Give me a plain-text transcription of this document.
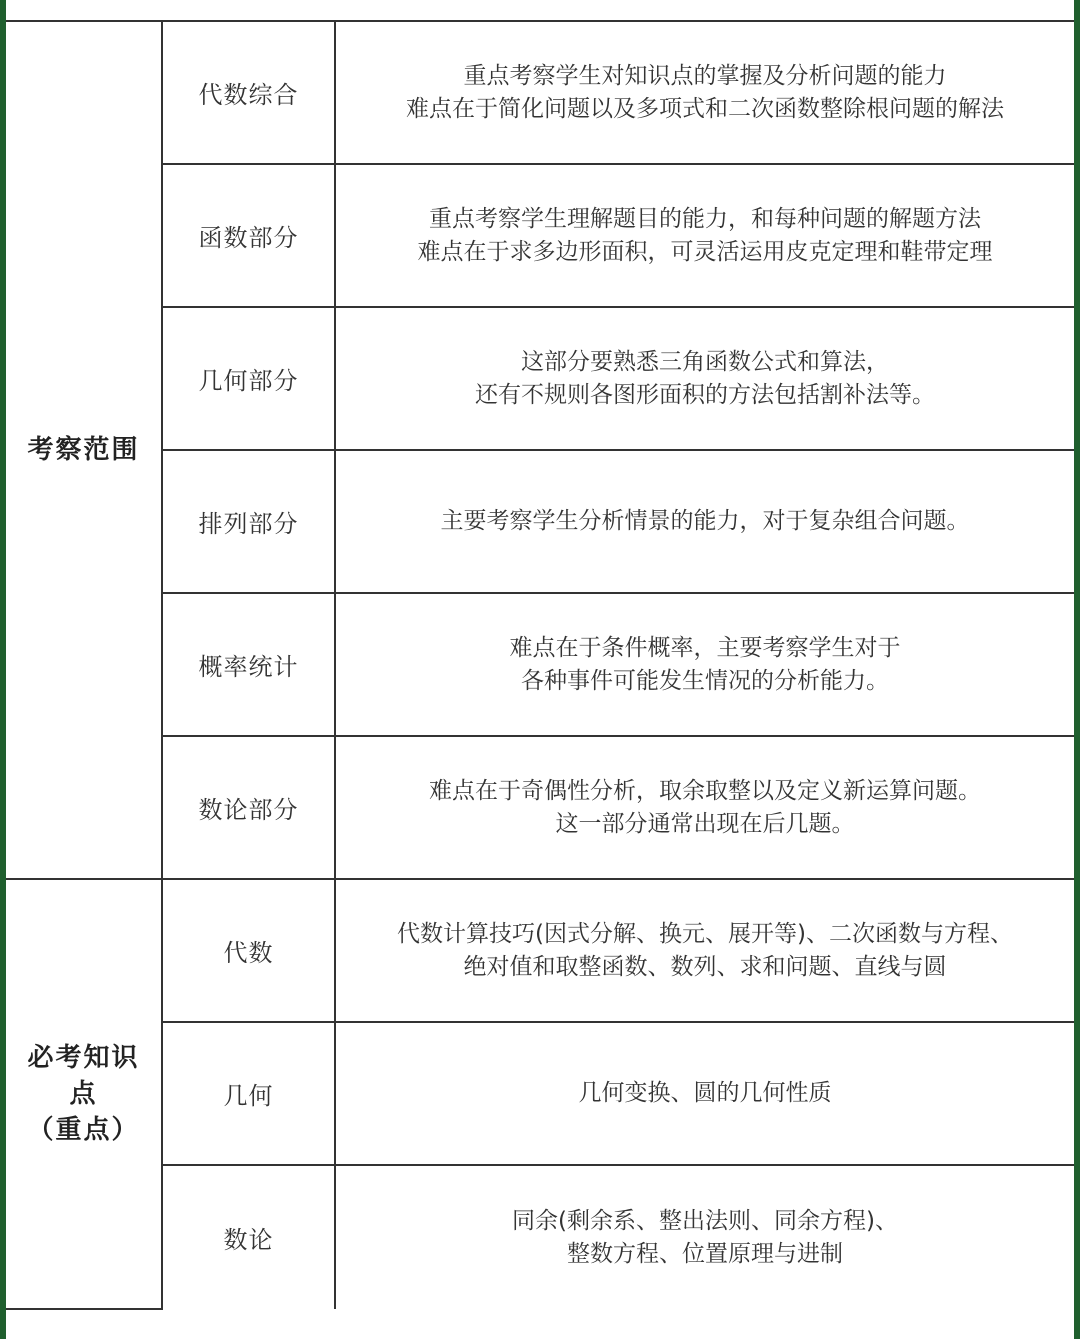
考察范围	代数综合	重点考察学生对知识点的掌握及分析问题的能力
难点在于简化问题以及多项式和二次函数整除根问题的解法

	函数部分	重点考察学生理解题目的能力，和每种问题的解题方法
难点在于求多边形面积，可灵活运用皮克定理和鞋带定理

	几何部分	这部分要熟悉三角函数公式和算法，
还有不规则各图形面积的方法包括割补法等。

	排列部分	主要考察学生分析情景的能力，对于复杂组合问题。

	概率统计	难点在于条件概率，主要考察学生对于
各种事件可能发生情况的分析能力。

	数论部分	难点在于奇偶性分析，取余取整以及定义新运算问题。
这一部分通常出现在后几题。

必考知识
点
（重点）	代数	代数计算技巧(因式分解、换元、展开等)、二次函数与方程、
绝对值和取整函数、数列、求和问题、直线与圆

	几何	几何变换、圆的几何性质

	数论	同余(剩余系、整出法则、同余方程)、
整数方程、位置原理与进制
